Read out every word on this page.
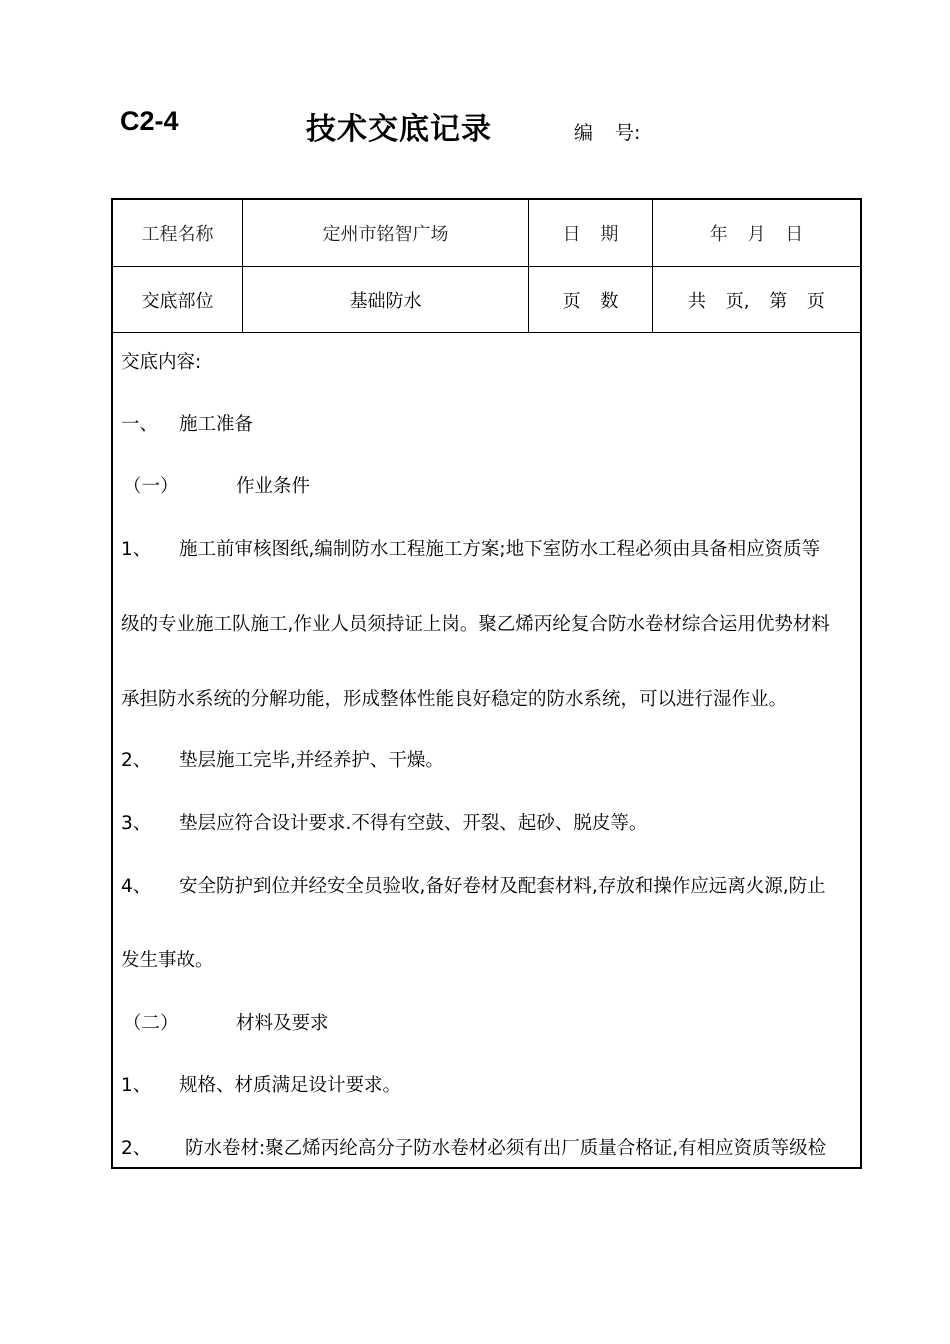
C2-4	技术交底记录	编 号:
工程名称	定州市铭智广场	日 期	年 月 日
交底部位	基础防水	页 数	共 页, 第 页
交底内容:
一、 施工准备
（一）	作业条件
1、 施工前审核图纸,编制防水工程施工方案;地下室防水工程必须由具备相应资质等
级的专业施工队施工,作业人员须持证上岗。聚乙烯丙纶复合防水卷材综合运用优势材料
承担防水系统的分解功能，形成整体性能良好稳定的防水系统，可以进行湿作业。
2、 垫层施工完毕,并经养护、干燥。
3、 垫层应符合设计要求.不得有空鼓、开裂、起砂、脱皮等。
4、 安全防护到位并经安全员验收,备好卷材及配套材料,存放和操作应远离火源,防止
发生事故。
（二）	材料及要求
1、 规格、材质满足设计要求。
2、 防水卷材:聚乙烯丙纶高分子防水卷材必须有出厂质量合格证,有相应资质等级检
